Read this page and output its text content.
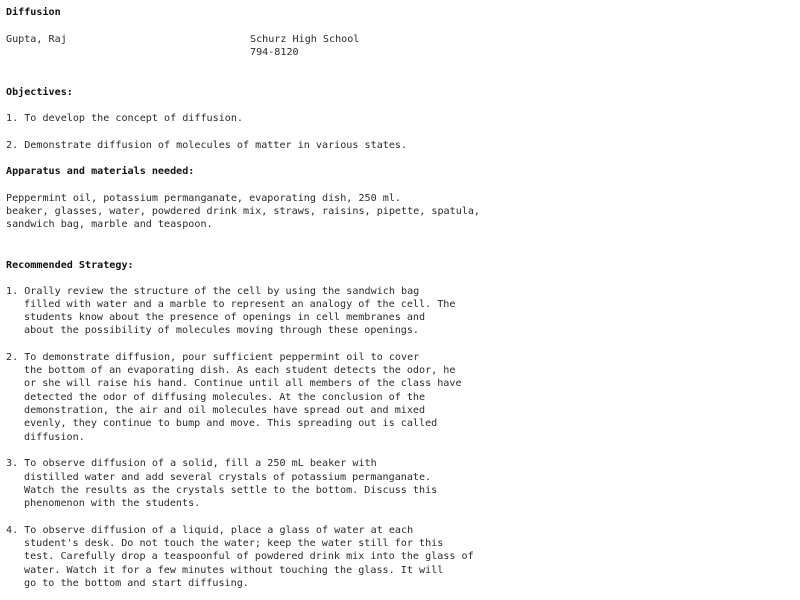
Diffusion
Gupta, Raj	Schurz High School
794-8120
Objectives:
1. To develop the concept of diffusion.
2. Demonstrate diffusion of molecules of matter in various states.
Apparatus and materials needed:
Peppermint oil, potassium permanganate, evaporating dish, 250 ml.
beaker, glasses, water, powdered drink mix, straws, raisins, pipette, spatula,
sandwich bag, marble and teaspoon.
Recommended Strategy:
1. Orally review the structure of the cell by using the sandwich bag
filled with water and a marble to represent an analogy of the cell. The
students know about the presence of openings in cell membranes and
about the possibility of molecules moving through these openings.
2. To demonstrate diffusion, pour sufficient peppermint oil to cover
the bottom of an evaporating dish. As each student detects the odor, he
or she will raise his hand. Continue until all members of the class have
detected the odor of diffusing molecules. At the conclusion of the
demonstration, the air and oil molecules have spread out and mixed
evenly, they continue to bump and move. This spreading out is called
diffusion.
3. To observe diffusion of a solid, fill a 250 mL beaker with
distilled water and add several crystals of potassium permanganate.
Watch the results as the crystals settle to the bottom. Discuss this
phenomenon with the students.
4. To observe diffusion of a liquid, place a glass of water at each
student's desk. Do not touch the water; keep the water still for this
test. Carefully drop a teaspoonful of powdered drink mix into the glass of
water. Watch it for a few minutes without touching the glass. It will
go to the bottom and start diffusing.
